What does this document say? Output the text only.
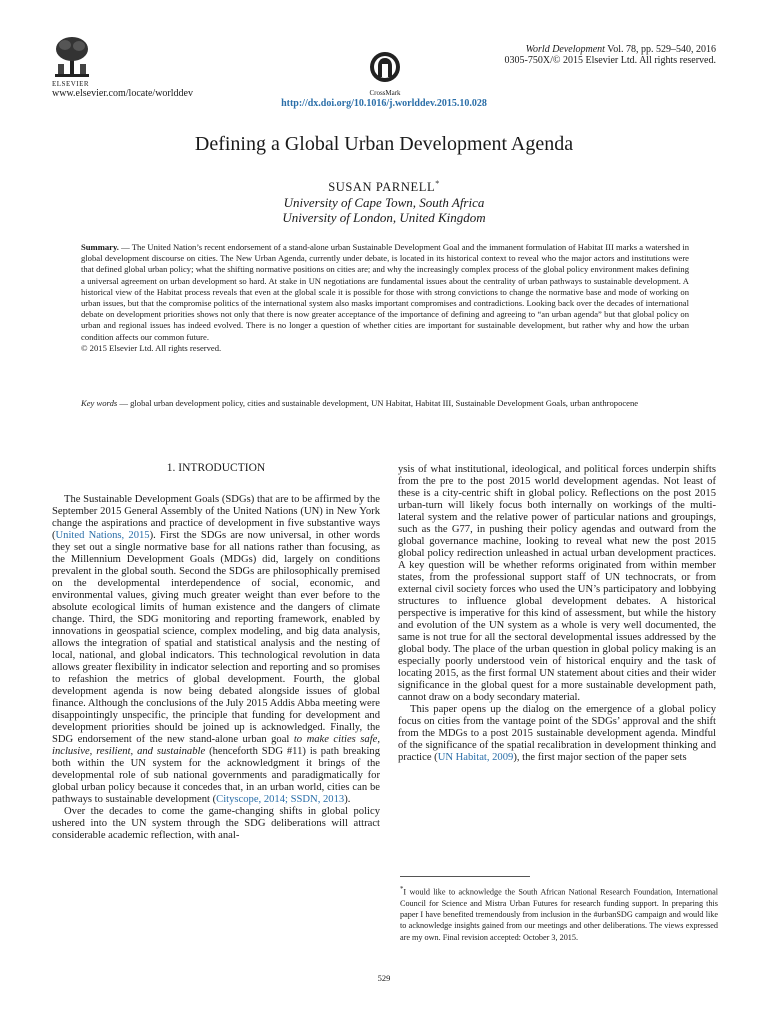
ELSEVIER
www.elsevier.com/locate/worlddev	CrossMark
World Development Vol. 78, pp. 529–540, 2016
0305-750X/© 2015 Elsevier Ltd. All rights reserved.
http://dx.doi.org/10.1016/j.worlddev.2015.10.028
Defining a Global Urban Development Agenda
SUSAN PARNELL*
University of Cape Town, South Africa
University of London, United Kingdom
Summary. — The United Nation’s recent endorsement of a stand-alone urban Sustainable Development Goal and the immanent formulation of Habitat III marks a watershed in global development discourse on cities. The New Urban Agenda, currently under debate, is located in its historical context to reveal who the major actors and institutions were that defined global urban policy; what the shifting normative positions on cities are; and why the increasingly complex process of the global policy environment makes defining a universal agreement on urban development so hard. At stake in UN negotiations are fundamental issues about the centrality of urban pathways to sustainable development. A historical view of the Habitat process reveals that even at the global scale it is possible for those with strong convictions to change the normative base and mode of working on urban issues, but that the compromise politics of the international system also masks important compromises and contradictions. Looking back over the decades of international debate on development priorities shows not only that there is now greater acceptance of the importance of defining and agreeing to “an urban agenda” but that global policy on urban and regional issues has indeed evolved. There is no longer a question of whether cities are important for sustainable development, but rather why and how the urban condition affects our common future.
© 2015 Elsevier Ltd. All rights reserved.
Key words — global urban development policy, cities and sustainable development, UN Habitat, Habitat III, Sustainable Development Goals, urban anthropocene
1. INTRODUCTION

The Sustainable Development Goals (SDGs) that are to be affirmed by the September 2015 General Assembly of the United Nations (UN) in New York change the aspirations and practice of development in five substantive ways (United Nations, 2015). First the SDGs are now universal, in other words they set out a single normative base for all nations rather than focusing, as the Millennium Development Goals (MDGs) did, largely on conditions prevalent in the global south. Second the SDGs are philosophically premised on the developmental interdependence of social, economic, and environmental values, giving much greater weight than ever before to the absolute ecological limits of human existence and the dangers of climate change. Third, the SDG monitoring and reporting framework, enabled by innovations in geospatial science, complex modeling, and big data analysis, allows the integration of spatial and statistical analysis and the nesting of local, national, and global indicators. This technological revolution in data allows greater flexibility in indicator selection and reporting and so promises to refashion the metrics of global development. Fourth, the global development agenda is now being debated alongside issues of global finance. Although the conclusions of the July 2015 Addis Abba meeting were disappointingly unspecific, the principle that funding for development and development priorities should be joined up is acknowledged. Finally, the SDG endorsement of the new stand-alone urban goal to make cities safe, inclusive, resilient, and sustainable (henceforth SDG #11) is path breaking both within the UN system for the acknowledgment it brings of the developmental role of sub national governments and paradigmatically for global urban policy because it concedes that, in an urban world, cities can be pathways to sustainable development (Cityscope, 2014; SSDN, 2013).

Over the decades to come the game-changing shifts in global policy ushered into the UN system through the SDG deliberations will attract considerable academic reflection, with anal-

ysis of what institutional, ideological, and political forces underpin shifts from the pre to the post 2015 world development agendas. Not least of these is a city-centric shift in global policy. Reflections on the post 2015 urban-turn will likely focus both internally on workings of the multi-lateral system and the relative power of particular nations and groupings, such as the G77, in pushing their policy agendas and outward from the global governance machine, looking to reveal what new the post 2015 global policy redirection unleashed in actual urban development practices. A key question will be whether reforms originated from within member states, from the professional support staff of UN technocrats, or from external civil society forces who used the UN’s participatory and lobbying structures to influence global development debates. A historical perspective is imperative for this kind of assessment, but while the history and evolution of the UN system as a whole is very well documented, the same is not true for all the sectoral developmental issues addressed by the global body. The place of the urban question in global policy making is an especially poorly understood vein of historical enquiry and the task of locating 2015, as the first formal UN statement about cities and their wider significance in the global quest for a more sustainable development path, cannot draw on a body secondary material.

This paper opens up the dialog on the emergence of a global policy focus on cities from the vantage point of the SDGs’ approval and the shift from the MDGs to a post 2015 sustainable development agenda. Mindful of the significance of the spatial recalibration in development thinking and practice (UN Habitat, 2009), the first major section of the paper sets

*I would like to acknowledge the South African National Research Foundation, International Council for Science and Mistra Urban Futures for research funding support. In preparing this paper I have benefited tremendously from inclusion in the #urbanSDG campaign and would like to acknowledge insights gained from our meetings and other deliberations. The views expressed are my own. Final revision accepted: October 3, 2015.
529
